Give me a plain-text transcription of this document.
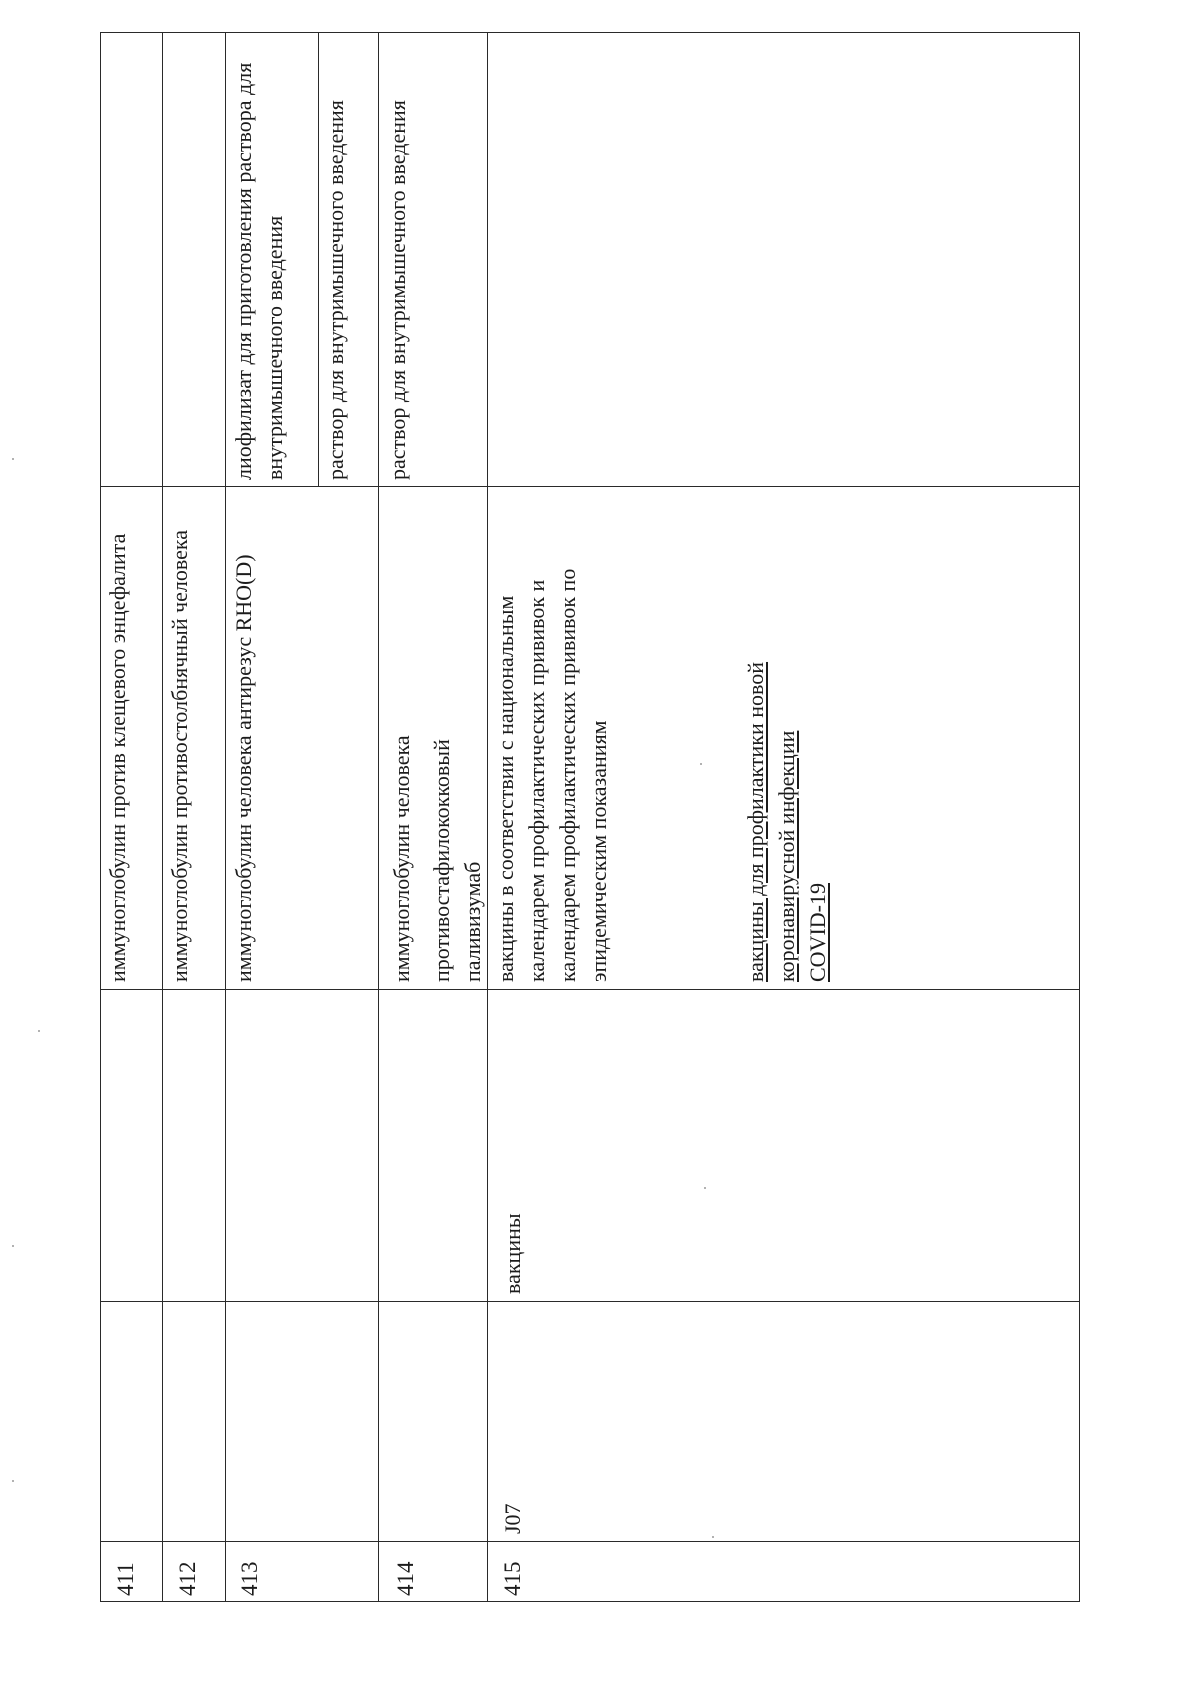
411
иммуноглобулин против клещевого энцефалита
412
иммуноглобулин противостолбнячный человека
413
иммуноглобулин человека антирезус RHO(D)
лиофилизат для приготовления раствора для внутримышечного введения раствор для внутримышечного введения
414
иммуноглобулин человека противостафилококковый
раствор для внутримышечного введения
паливизумаб
415
J07
вакцины
вакцины в соответствии с национальным календарем профилактических прививок и календарем профилактических прививок по эпидемическим показаниям	вакцины для профилактики новой коронавирусной инфекции COVID-19
